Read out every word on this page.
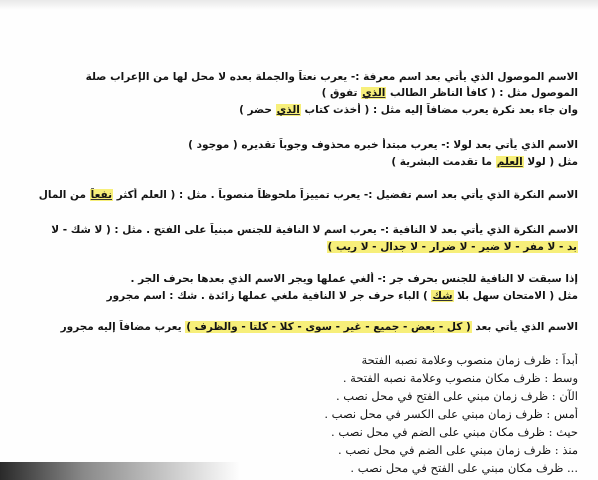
الاسم الموصول الذي يأتي بعد اسم معرفة :- يعرب نعتاً والجملة بعده لا محل لها من الإعراب صلة
الموصول مثل : ( كافأ الناظر الطالب الذي تفوق )
وان جاء بعد نكرة يعرب مضافاً إليه مثل : ( أخذت كتاب الذي حضر )
الاسم الذي يأتي بعد لولا :- يعرب مبتدأ خبره محذوف وجوباً تقديره ( موجود )
مثل ( لولا العلم ما تقدمت البشرية )
الاسم النكرة الذي يأتي بعد اسم تفضيل :- يعرب تمييزاً ملحوظاً منصوباً . مثل : ( العلم أكثر نفعاً من المال
الاسم النكرة الذي يأتي بعد لا النافية :- يعرب اسم لا النافية للجنس مبنياً على الفتح . مثل : ( لا شك - لا
بد - لا مفر - لا ضير - لا ضرار - لا جدال - لا ريب )
إذا سبقت لا النافية للجنس بحرف جر :- ألغي عملها ويجر الاسم الذي بعدها بحرف الجر .
مثل ( الامتحان سهل بلا شك ) الباء حرف جر لا النافية ملغي عملها زائدة . شك : اسم مجرور
الاسم الذي يأتي بعد ( كل - بعض - جميع - غير - سوى - كلا - كلتا - والظرف ) يعرب مضافاً إليه مجرور
أبداً : ظرف زمان منصوب وعلامة نصبه الفتحة
وسط : ظرف مكان منصوب وعلامة نصبه الفتحة .
الآن : ظرف زمان مبني على الفتح في محل نصب .
أمس : ظرف زمان مبني على الكسر في محل نصب .
حيث : ظرف مكان مبني على الضم في محل نصب .
منذ : ظرف زمان مبني على الضم في محل نصب .
... ظرف مكان مبني على الفتح في محل نصب .
